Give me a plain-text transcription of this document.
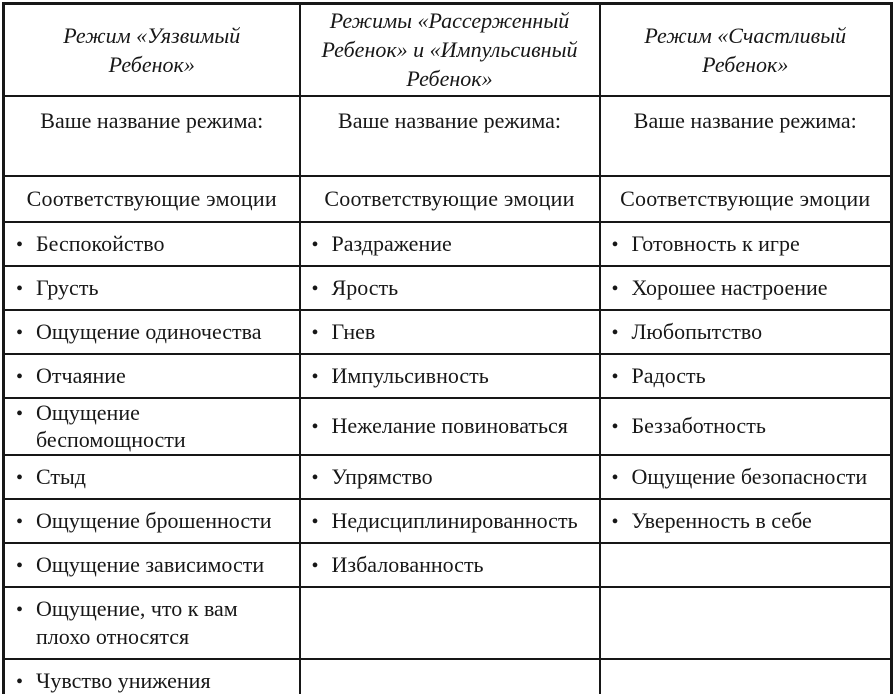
Режим «Уязвимый Ребенок»	Режимы «Рассерженный Ребенок» и «Импульсивный Ребенок»	Режим «Счастливый Ребенок»

Ваше название режима:	Ваше название режима:	Ваше название режима:
Соответствующие эмоции	Соответствующие эмоции	Соответствующие эмоции

• Беспокойство	• Раздражение	• Готовность к игре

• Грусть	• Ярость	• Хорошее настроение

• Ощущение одиночества	• Гнев	• Любопытство

• Отчаяние	• Импульсивность	• Радость

• Ощущение беспомощности	• Нежелание повиноваться	• Беззаботность

• Стыд	• Упрямство	• Ощущение безопасности

• Ощущение брошенности	• Недисциплинированность	• Уверенность в себе

• Ощущение зависимости	• Избалованность	

• Ощущение, что к вам плохо относятся		

• Чувство унижения		
